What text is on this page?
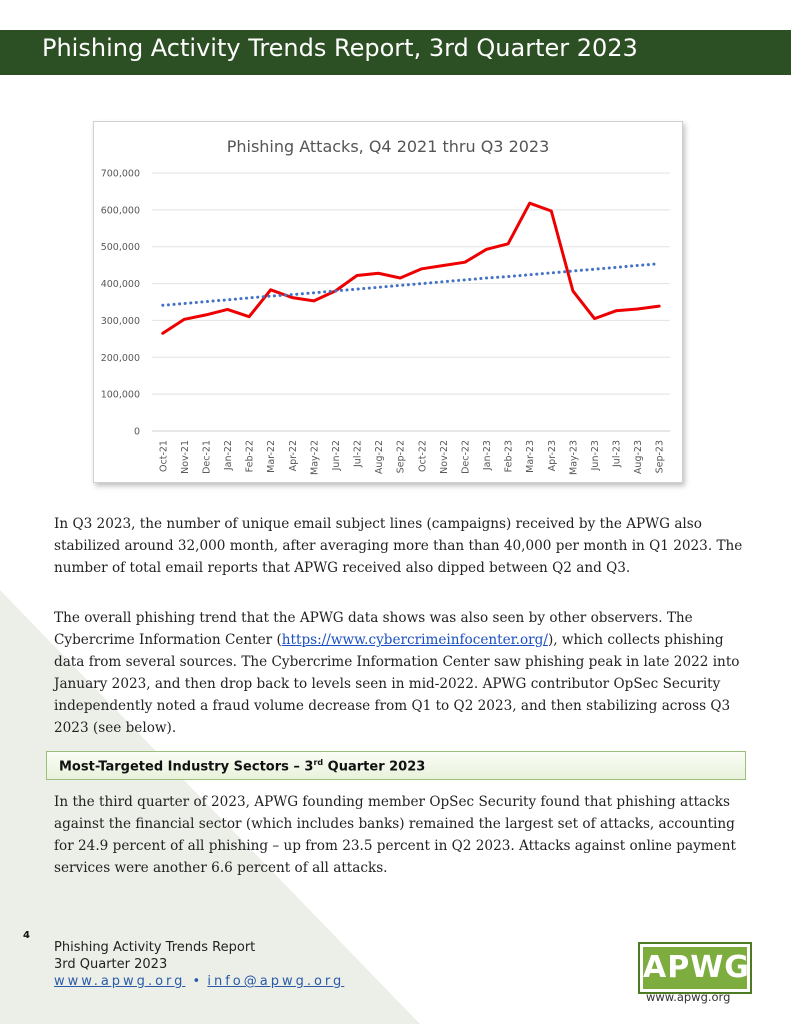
Phishing Activity Trends Report, 3rd Quarter 2023
Phishing Attacks, Q4 2021 thru Q3 2023
0
100,000
200,000
300,000
400,000
500,000
600,000
700,000
Oct-21 Nov-21 Dec-21 Jan-22 Feb-22 Mar-22 Apr-22 May-22 Jun-22 Jul-22 Aug-22 Sep-22 Oct-22 Nov-22 Dec-22 Jan-23 Feb-23 Mar-23 Apr-23 May-23 Jun-23 Jul-23 Aug-23 Sep-23

In Q3 2023, the number of unique email subject lines (campaigns) received by the APWG also stabilized around 32,000 month, after averaging more than than 40,000 per month in Q1 2023. The number of total email reports that APWG received also dipped between Q2 and Q3.

The overall phishing trend that the APWG data shows was also seen by other observers. The Cybercrime Information Center (https://www.cybercrimeinfocenter.org/), which collects phishing data from several sources. The Cybercrime Information Center saw phishing peak in late 2022 into January 2023, and then drop back to levels seen in mid-2022. APWG contributor OpSec Security independently noted a fraud volume decrease from Q1 to Q2 2023, and then stabilizing across Q3 2023 (see below).

Most-Targeted Industry Sectors – 3rd Quarter 2023

In the third quarter of 2023, APWG founding member OpSec Security found that phishing attacks against the financial sector (which includes banks) remained the largest set of attacks, accounting for 24.9 percent of all phishing – up from 23.5 percent in Q2 2023. Attacks against online payment services were another 6.6 percent of all attacks.

4
Phishing Activity Trends Report
3rd Quarter 2023
www.apwg.org • info@apwg.org	APWG
www.apwg.org
